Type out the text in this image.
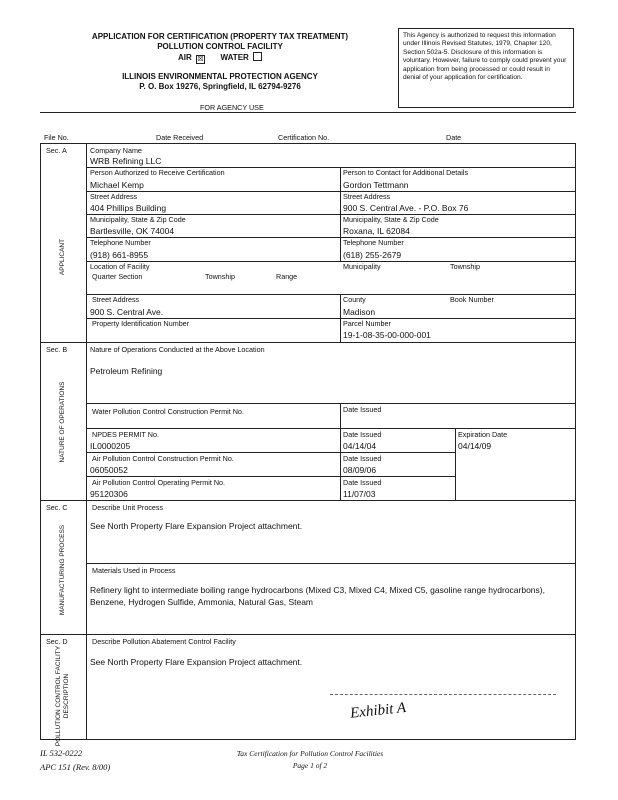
APPLICATION FOR CERTIFICATION (PROPERTY TAX TREATMENT)
POLLUTION CONTROL FACILITY
AIR ☒ WATER
ILLINOIS ENVIRONMENTAL PROTECTION AGENCY
P. O. Box 19276, Springfield, IL 62794-9276
This Agency is authorized to request this information under Illinois Revised Statutes, 1979, Chapter 120, Section 502a-5. Disclosure of this information is voluntary. However, failure to comply could prevent your application from being processed or could result in denial of your application for certification.
FOR AGENCY USE
File No.	Date Received	Certification No.	Date
Sec. A
APPLICANT
Company Name
WRB Refining LLC
Person Authorized to Receive Certification
Michael Kemp
Person to Contact for Additional Details
Gordon Tettmann
Street Address
404 Phillips Building
Street Address
900 S. Central Ave. - P.O. Box 76
Municipality, State & Zip Code
Bartlesville, OK 74004
Municipality, State & Zip Code
Roxana, IL 62084
Telephone Number
(918) 661-8955
Telephone Number
(618) 255-2679
Location of Facility
Quarter Section	Township	Range
Municipality	Township
Street Address
900 S. Central Ave.
County
Madison
Book Number
Property Identification Number	Parcel Number
19-1-08-35-00-000-001
Sec. B
NATURE OF OPERATIONS
Nature of Operations Conducted at the Above Location
Petroleum Refining
Water Pollution Control Construction Permit No.	Date Issued
NPDES PERMIT No.
IL0000205
Date Issued
04/14/04
Expiration Date
04/14/09
Air Pollution Control Construction Permit No.
06050052
Date Issued
08/09/06
Air Pollution Control Operating Permit No.
95120306
Date Issued
11/07/03
Sec. C
MANUFACTURING PROCESS
Describe Unit Process
See North Property Flare Expansion Project attachment.
Materials Used in Process
Refinery light to intermediate boiling range hydrocarbons (Mixed C3, Mixed C4, Mixed C5, gasoline range hydrocarbons), Benzene, Hydrogen Sulfide, Ammonia, Natural Gas, Steam
Sec. D
POLLUTION CONTROL FACILITY DESCRIPTION
Describe Pollution Abatement Control Facility
See North Property Flare Expansion Project attachment.
Exhibit A
IL 532-0222
APC 151 (Rev. 8/00)
Tax Certification for Pollution Control Facilities
Page 1 of 2
